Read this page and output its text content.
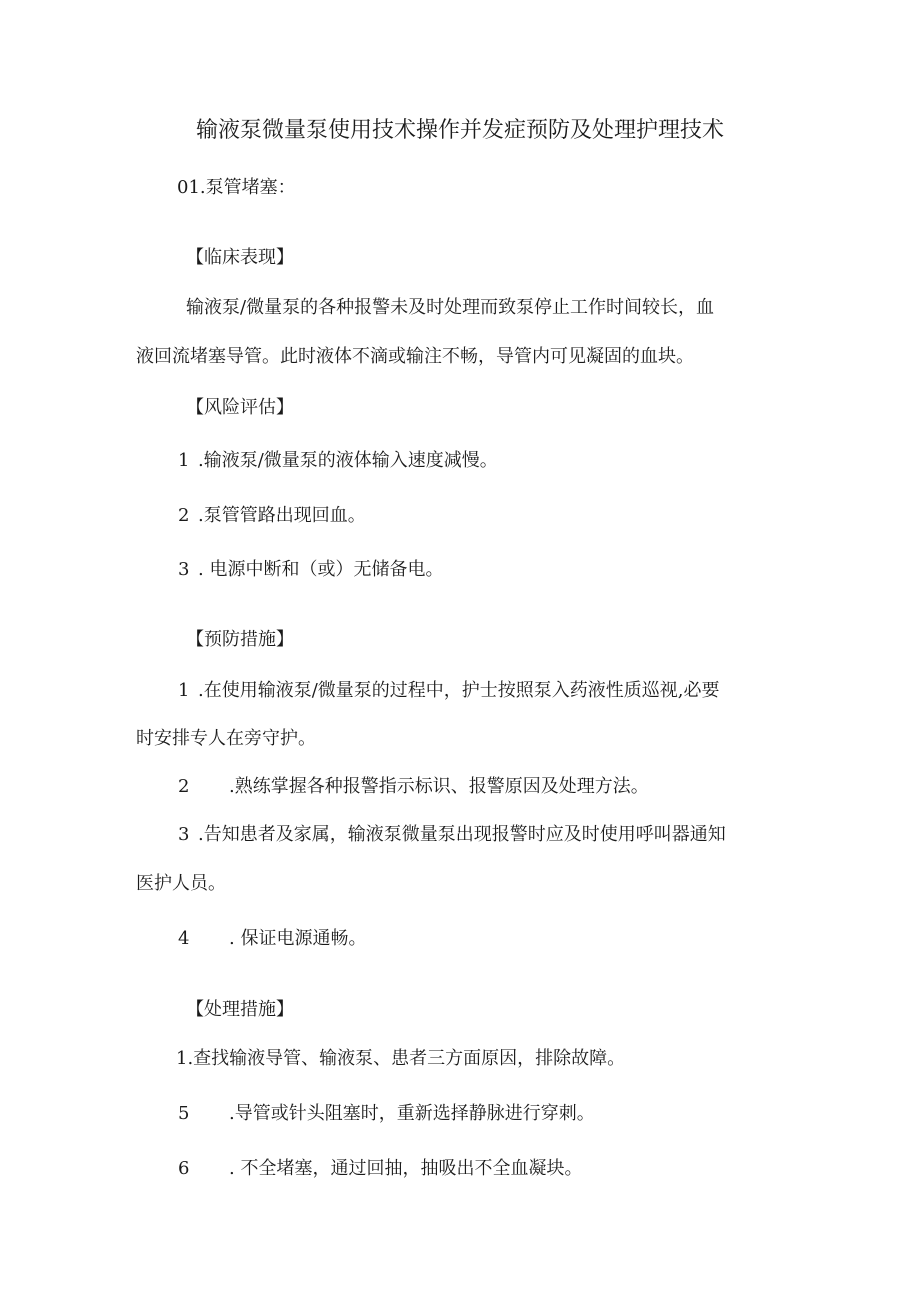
输液泵微量泵使用技术操作并发症预防及处理护理技术
01.泵管堵塞：
【临床表现】
输液泵/微量泵的各种报警未及时处理而致泵停止工作时间较长，血
液回流堵塞导管。此时液体不滴或输注不畅，导管内可见凝固的血块。
【风险评估】
1 .输液泵/微量泵的液体输入速度减慢。
2 .泵管管路出现回血。
3 . 电源中断和（或）无储备电。
【预防措施】
1 .在使用输液泵/微量泵的过程中，护士按照泵入药液性质巡视,必要
时安排专人在旁守护。
2 .熟练掌握各种报警指示标识、报警原因及处理方法。
3 .告知患者及家属，输液泵微量泵出现报警时应及时使用呼叫器通知
医护人员。
4 . 保证电源通畅。
【处理措施】
1.查找输液导管、输液泵、患者三方面原因，排除故障。
5 .导管或针头阻塞时，重新选择静脉进行穿刺。
6 . 不全堵塞，通过回抽，抽吸出不全血凝块。
